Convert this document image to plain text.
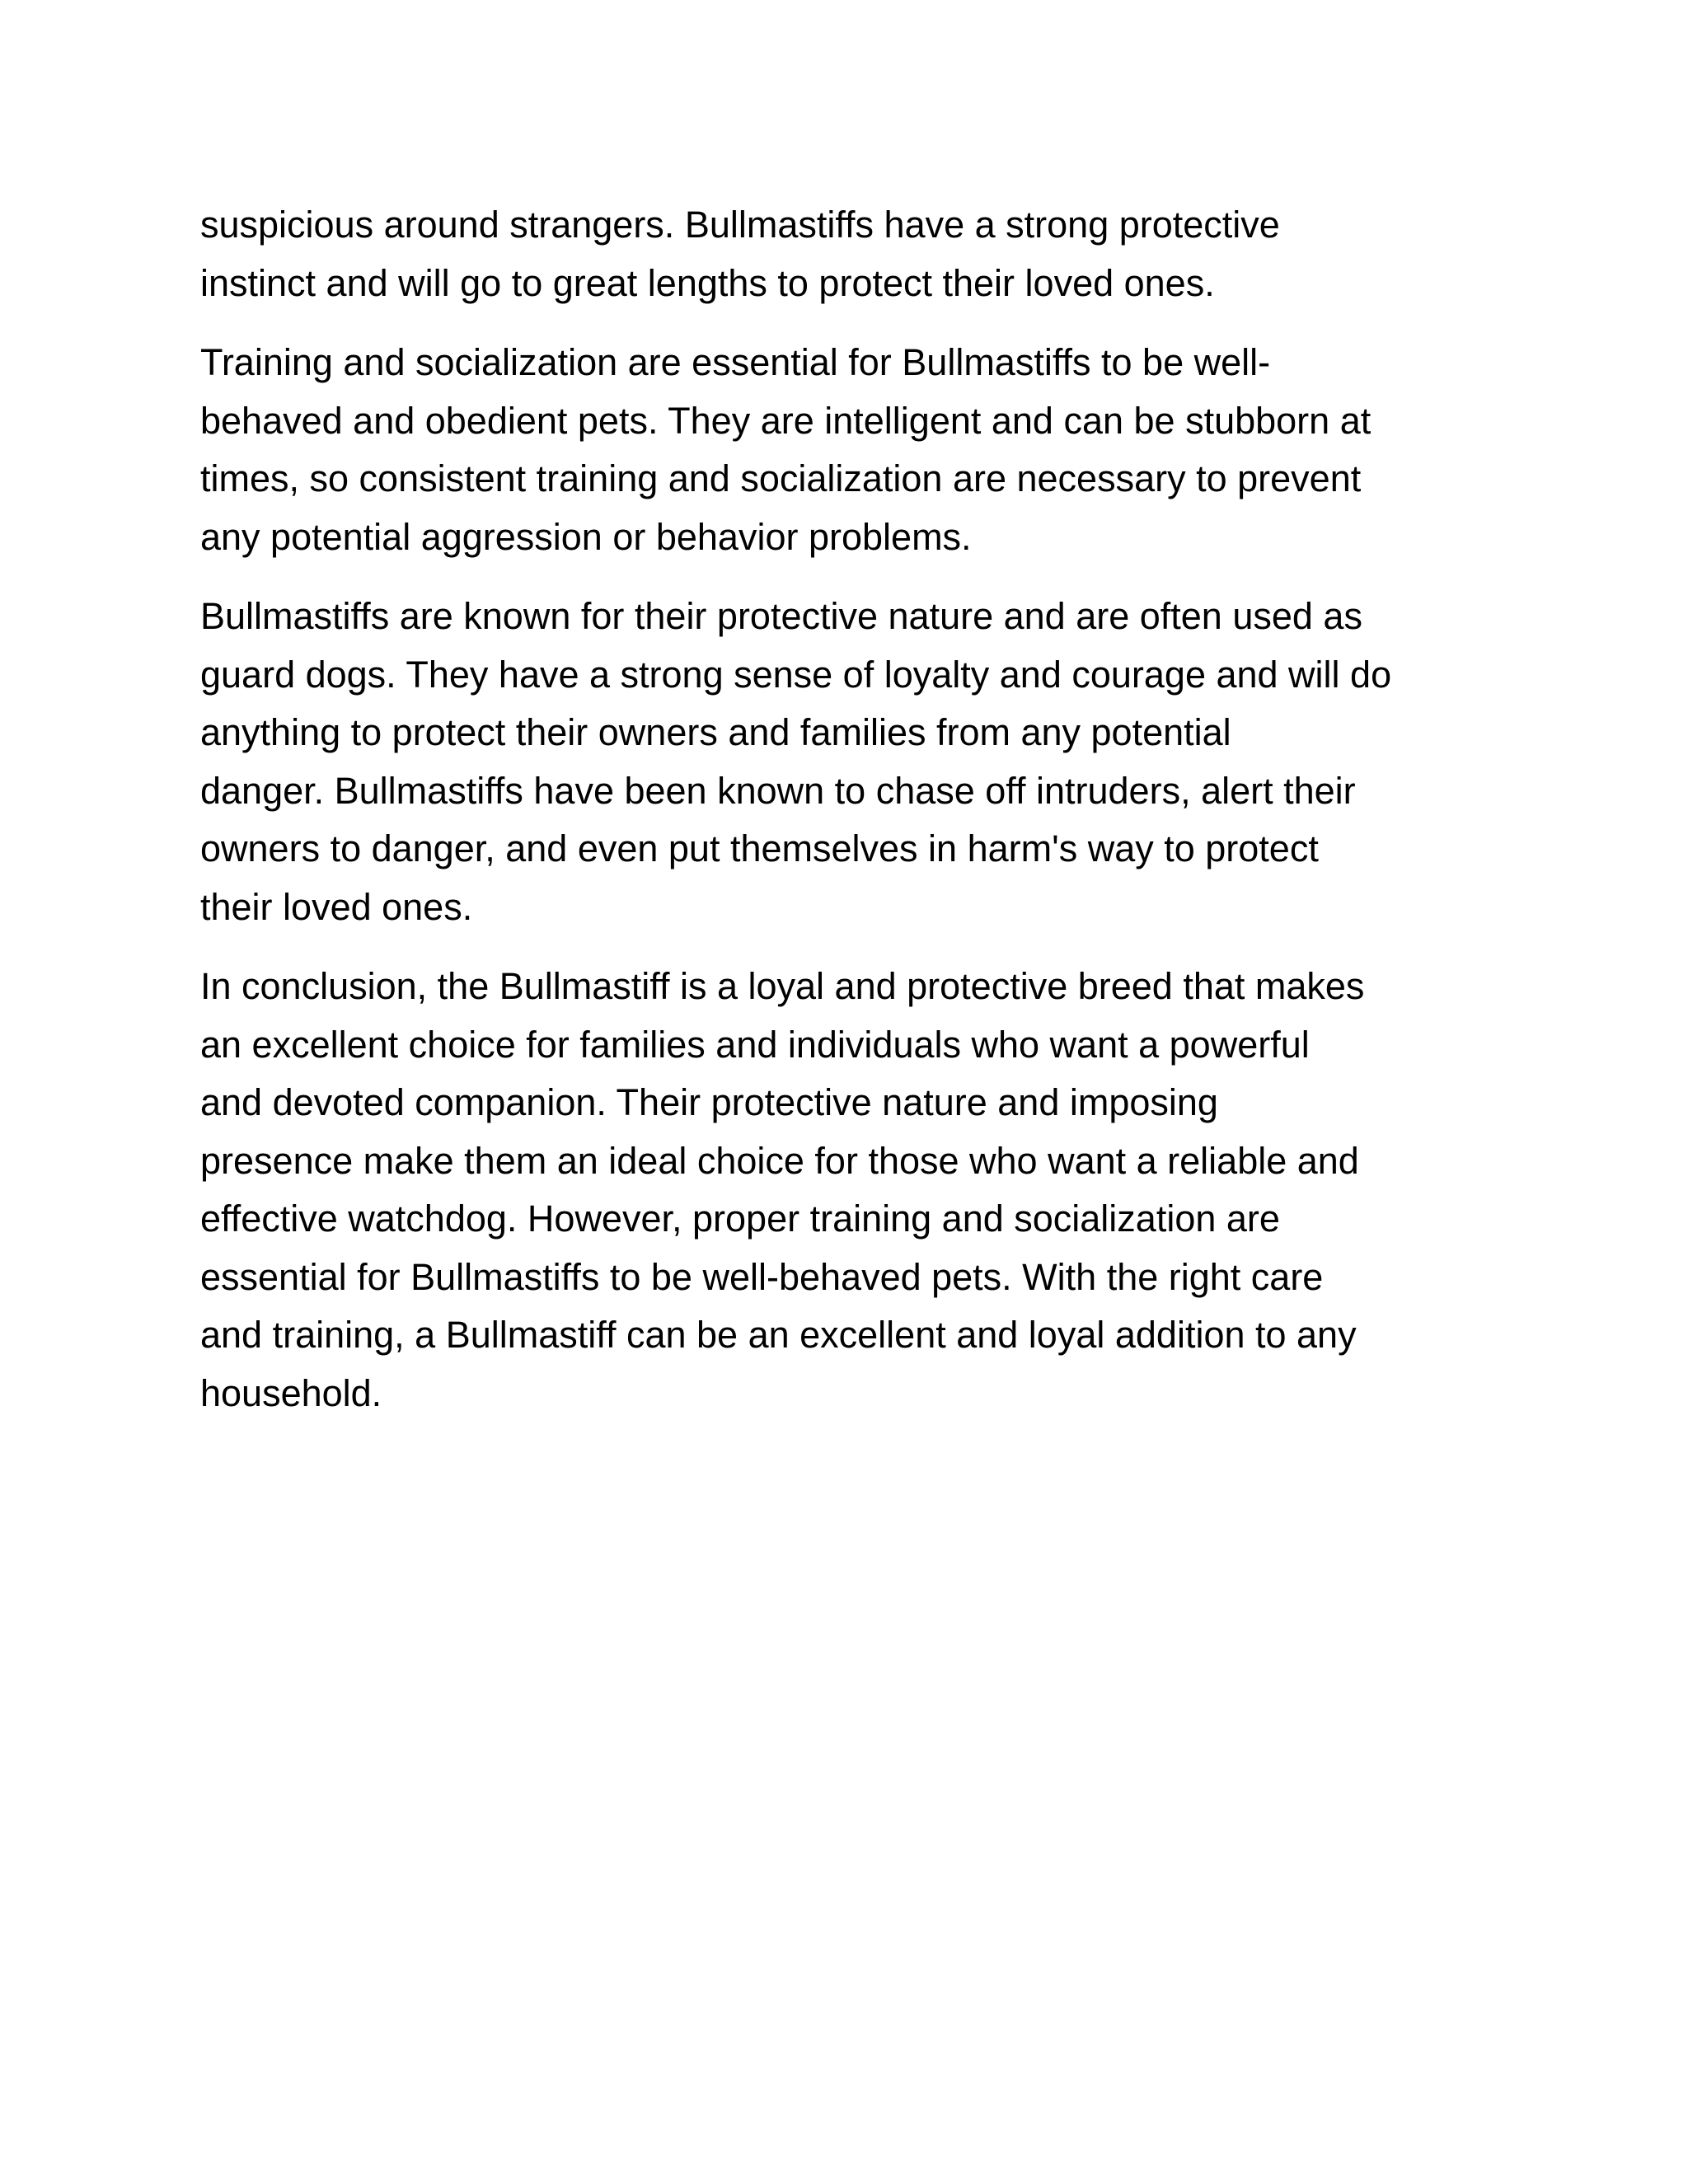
suspicious around strangers. Bullmastiffs have a strong protective
instinct and will go to great lengths to protect their loved ones.

Training and socialization are essential for Bullmastiffs to be well-
behaved and obedient pets. They are intelligent and can be stubborn at
times, so consistent training and socialization are necessary to prevent
any potential aggression or behavior problems.

Bullmastiffs are known for their protective nature and are often used as
guard dogs. They have a strong sense of loyalty and courage and will do
anything to protect their owners and families from any potential
danger. Bullmastiffs have been known to chase off intruders, alert their
owners to danger, and even put themselves in harm's way to protect
their loved ones.

In conclusion, the Bullmastiff is a loyal and protective breed that makes
an excellent choice for families and individuals who want a powerful
and devoted companion. Their protective nature and imposing
presence make them an ideal choice for those who want a reliable and
effective watchdog. However, proper training and socialization are
essential for Bullmastiffs to be well-behaved pets. With the right care
and training, a Bullmastiff can be an excellent and loyal addition to any
household.
